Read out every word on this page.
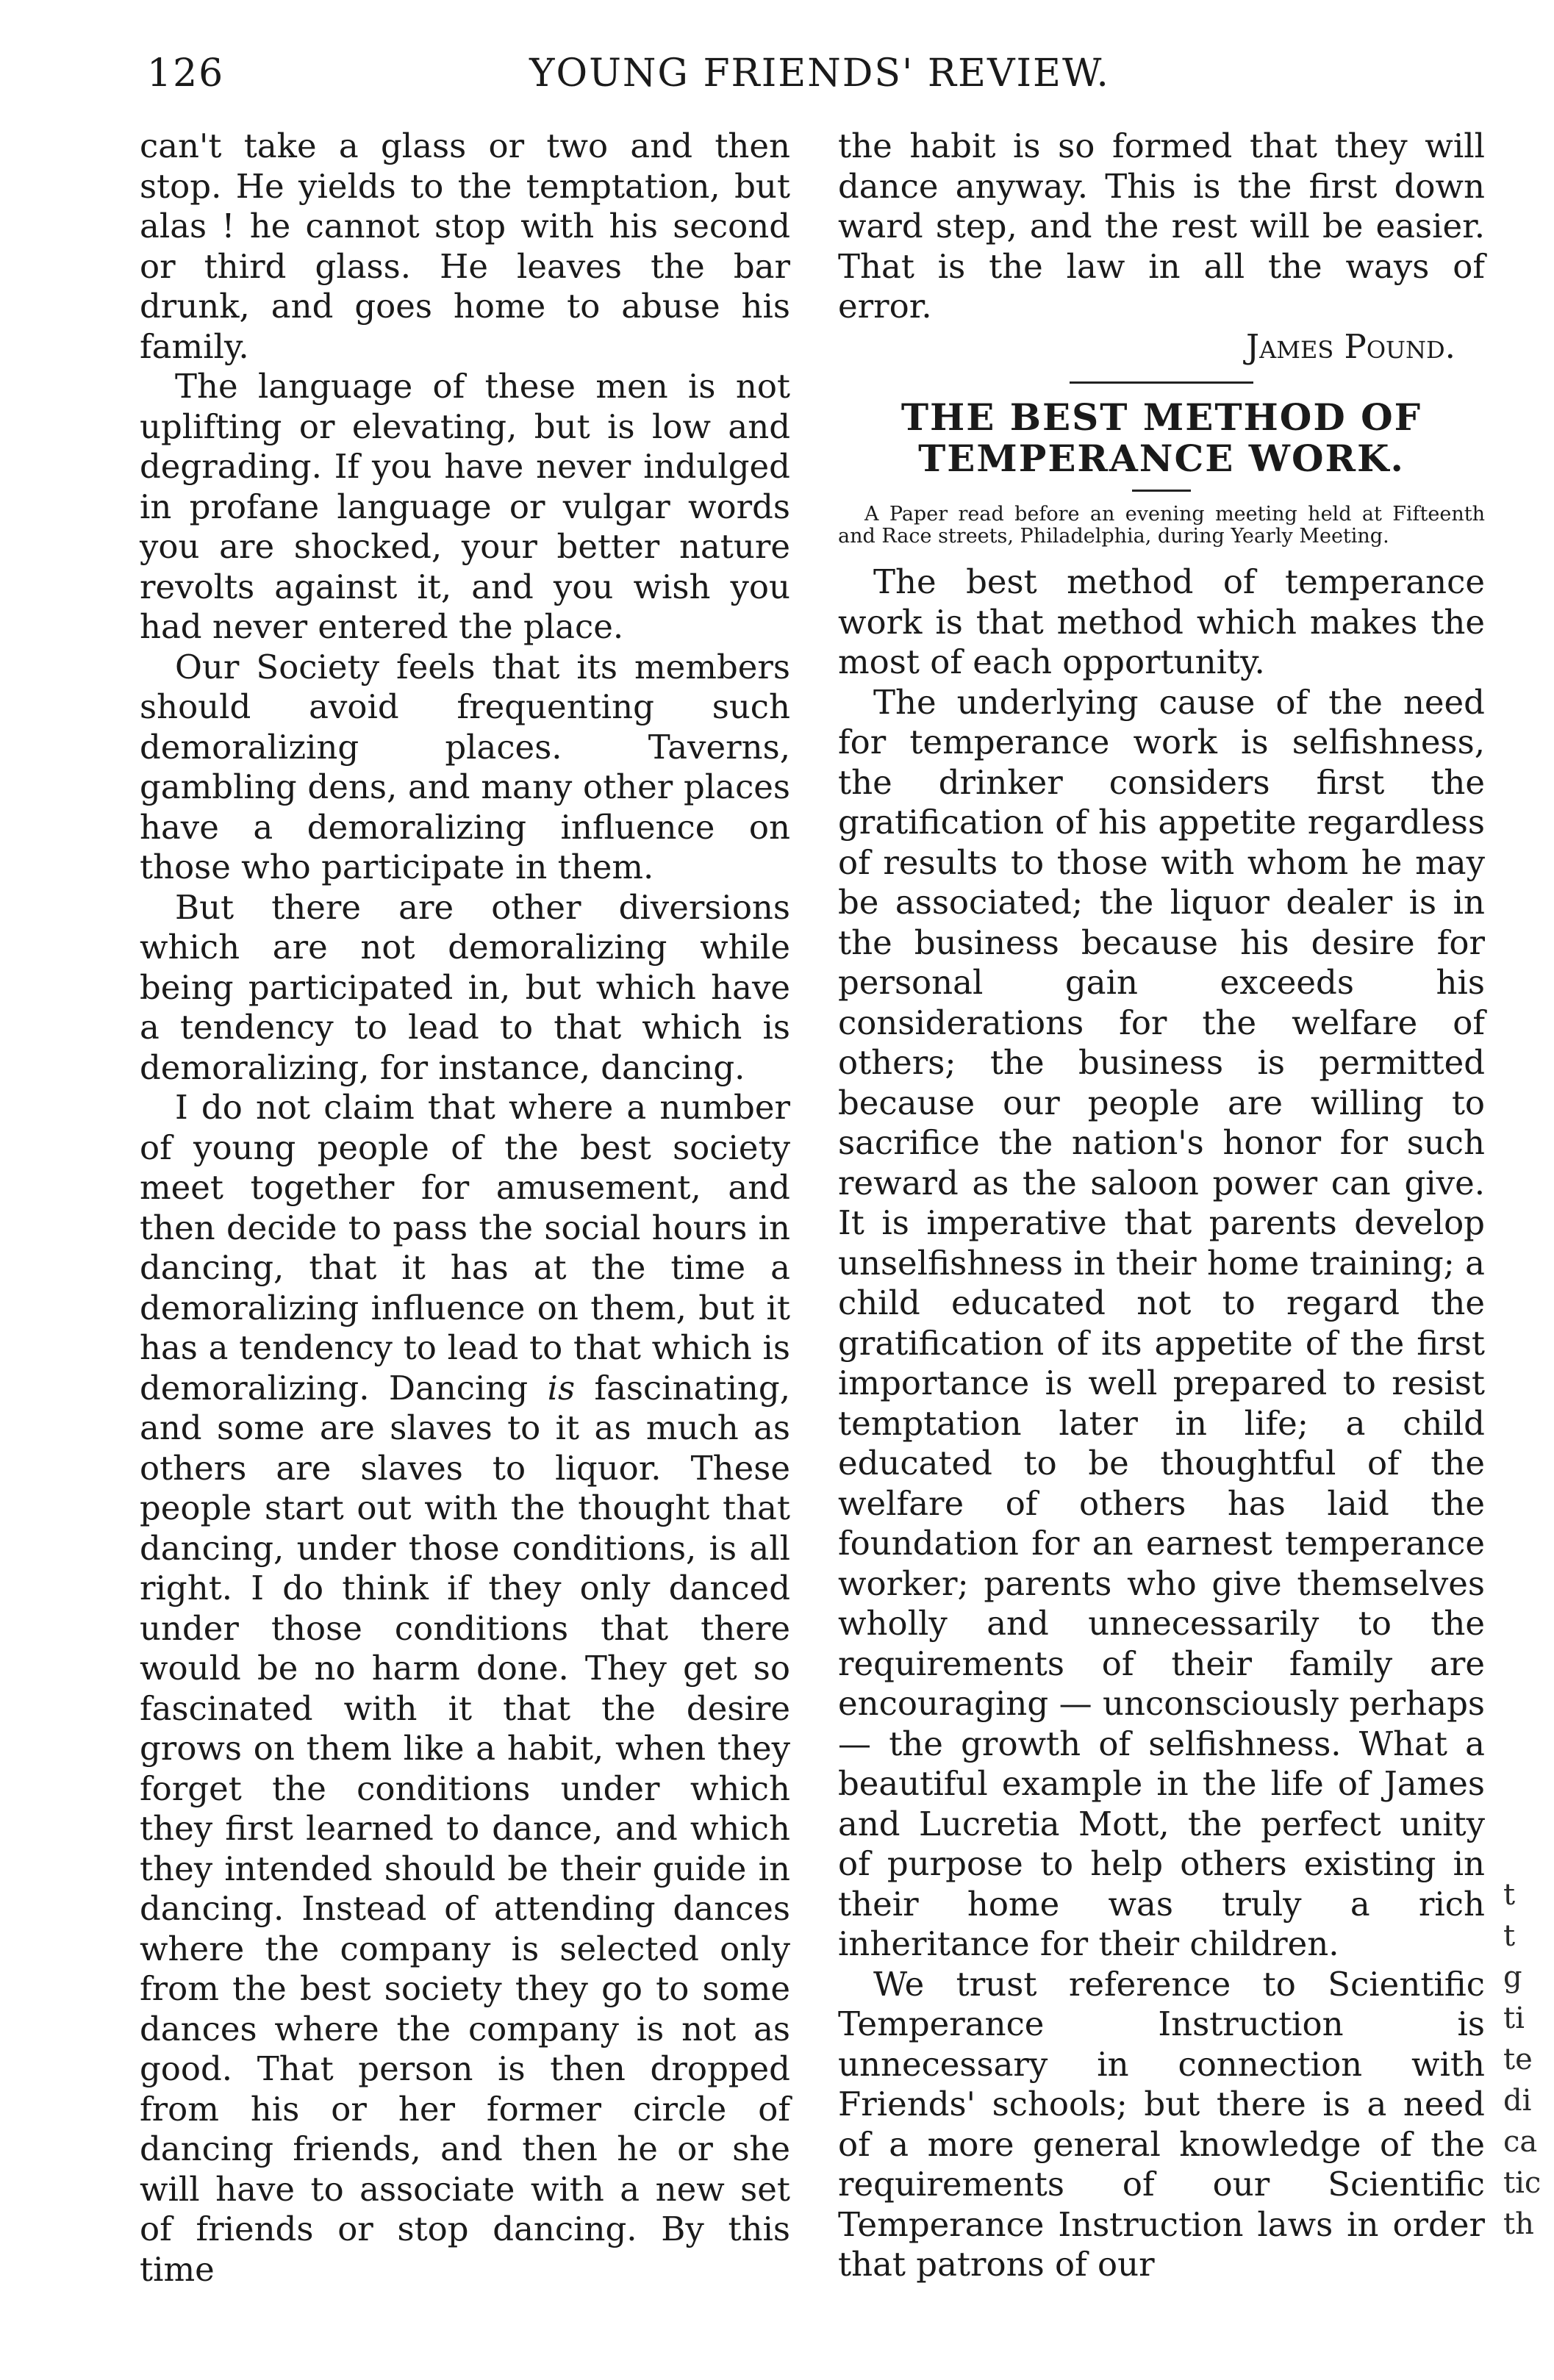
126	YOUNG FRIENDS' REVIEW.

can't take a glass or two and then stop. He yields to the temptation, but alas ! he cannot stop with his second or third glass. He leaves the bar drunk, and goes home to abuse his family.

The language of these men is not uplifting or elevating, but is low and degrading. If you have never indulged in profane language or vulgar words you are shocked, your better nature revolts against it, and you wish you had never entered the place.

Our Society feels that its members should avoid frequenting such demoralizing places. Taverns, gambling dens, and many other places have a demoralizing influence on those who participate in them.

But there are other diversions which are not demoralizing while being participated in, but which have a tendency to lead to that which is demoralizing, for instance, dancing.

I do not claim that where a number of young people of the best society meet together for amusement, and then decide to pass the social hours in dancing, that it has at the time a demoralizing influence on them, but it has a tendency to lead to that which is demoralizing. Dancing is fascinating, and some are slaves to it as much as others are slaves to liquor. These people start out with the thought that dancing, under those conditions, is all right. I do think if they only danced under those conditions that there would be no harm done. They get so fascinated with it that the desire grows on them like a habit, when they forget the conditions under which they first learned to dance, and which they intended should be their guide in dancing. Instead of attending dances where the company is selected only from the best society they go to some dances where the company is not as good. That person is then dropped from his or her former circle of dancing friends, and then he or she will have to associate with a new set of friends or stop dancing. By this time

the habit is so formed that they will dance anyway. This is the first down ward step, and the rest will be easier. That is the law in all the ways of error.

James Pound.

THE BEST METHOD OF TEMPERANCE WORK.

A Paper read before an evening meeting held at Fifteenth and Race streets, Philadelphia, during Yearly Meeting.

The best method of temperance work is that method which makes the most of each opportunity.

The underlying cause of the need for temperance work is selfishness, the drinker considers first the gratification of his appetite regardless of results to those with whom he may be associated; the liquor dealer is in the business because his desire for personal gain exceeds his considerations for the welfare of others; the business is permitted because our people are willing to sacrifice the nation's honor for such reward as the saloon power can give. It is imperative that parents develop unselfishness in their home training; a child educated not to regard the gratification of its appetite of the first importance is well prepared to resist temptation later in life; a child educated to be thoughtful of the welfare of others has laid the foundation for an earnest temperance worker; parents who give themselves wholly and unnecessarily to the requirements of their family are encouraging — unconsciously perhaps— the growth of selfishness. What a beautiful example in the life of James and Lucretia Mott, the perfect unity of purpose to help others existing in their home was truly a rich inheritance for their children.

We trust reference to Scientific Temperance Instruction is unnecessary in connection with Friends' schools; but there is a need of a more general knowledge of the requirements of our Scientific Temperance Instruction laws in order that patrons of our

t
t
g
ti
te
di
ca
tic
th
